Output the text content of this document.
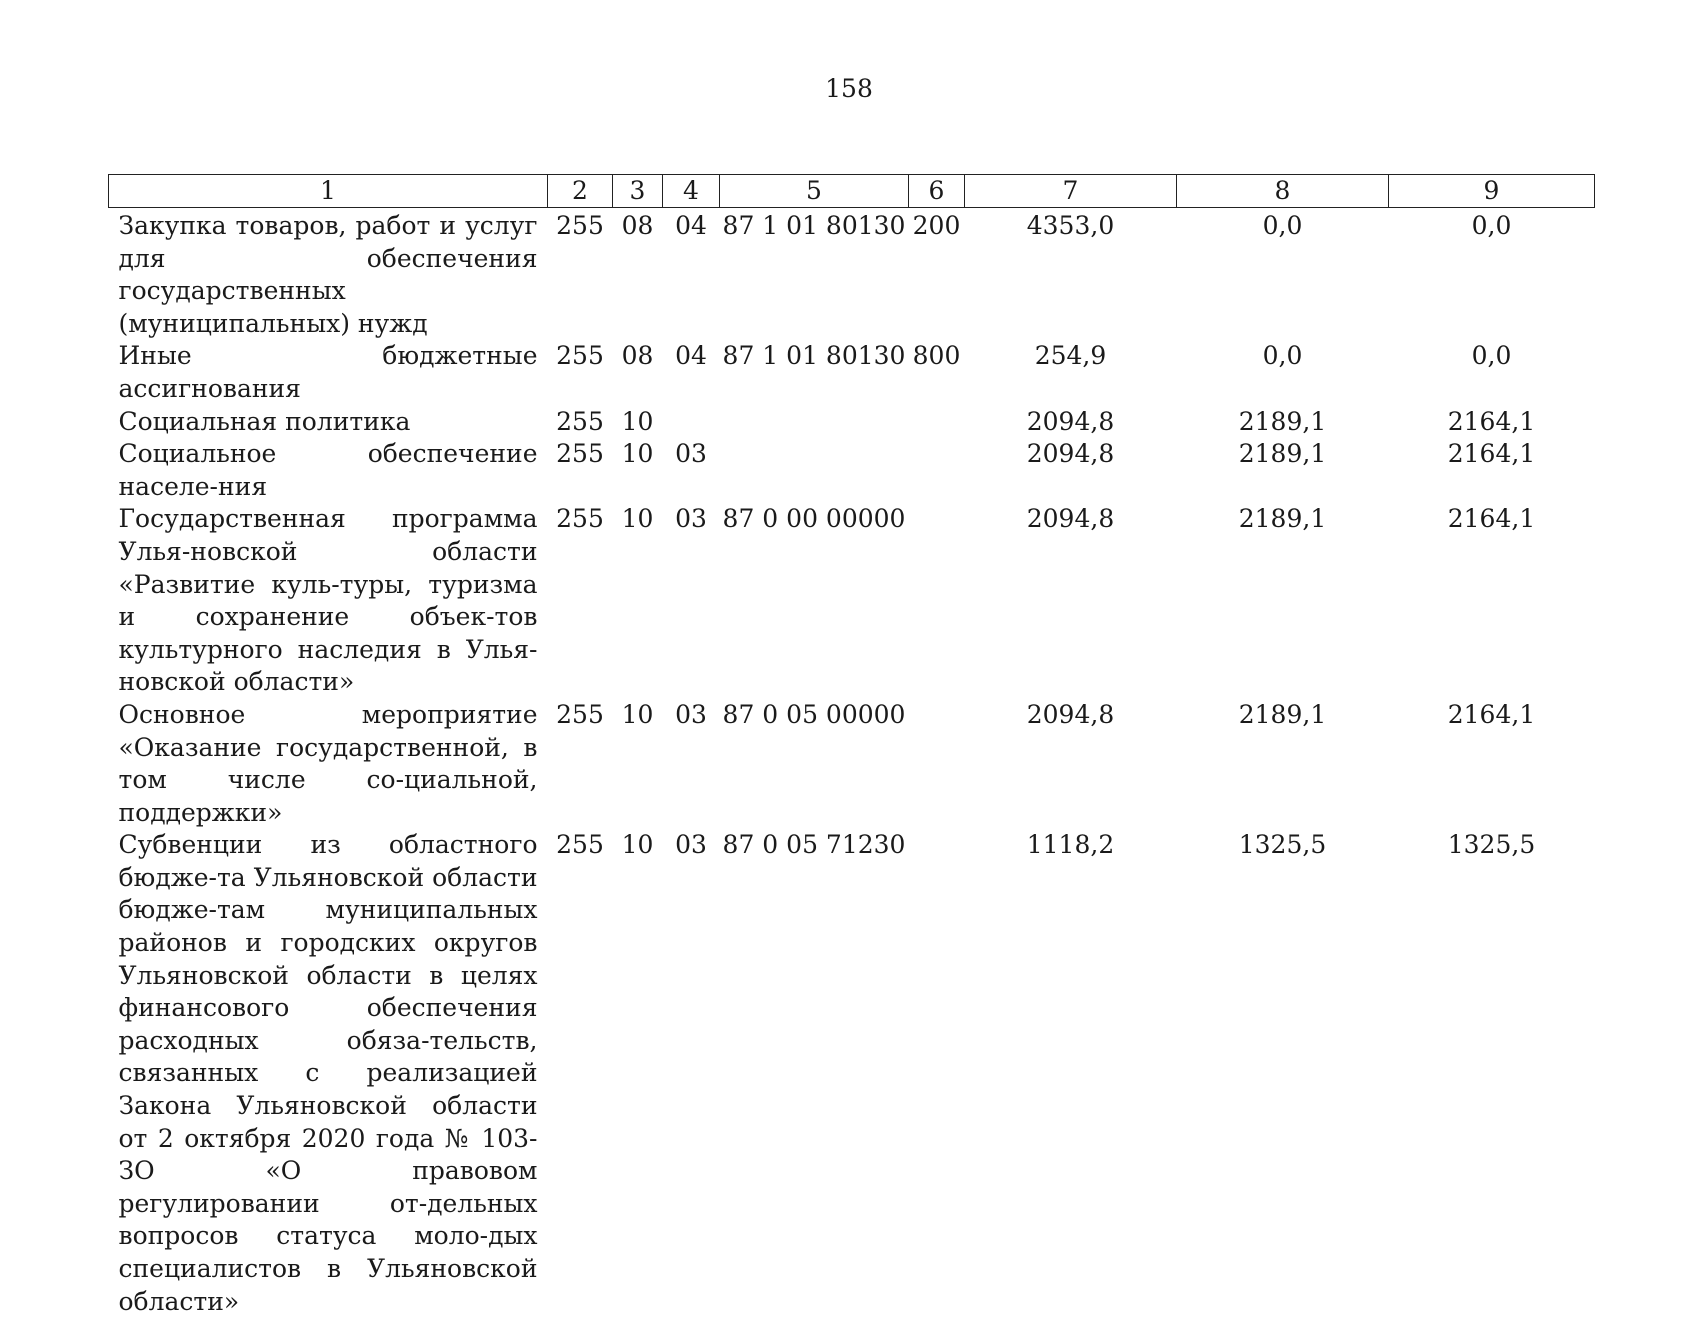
158
1	2	3	4	5	6	7	8	9
Закупка товаров, работ и услуг для обеспечения государственных (муниципальных) нужд	255	08	04	87 1 01 80130	200	4353,0	0,0	0,0
Иные бюджетные ассигнования	255	08	04	87 1 01 80130	800	254,9	0,0	0,0
Социальная политика	255	10				2094,8	2189,1	2164,1
Социальное обеспечение населе-ния	255	10	03			2094,8	2189,1	2164,1
Государственная программа Улья-новской области «Развитие куль-туры, туризма и сохранение объек-тов культурного наследия в Улья-новской области»	255	10	03	87 0 00 00000		2094,8	2189,1	2164,1
Основное мероприятие «Оказание государственной, в том числе со-циальной, поддержки»	255	10	03	87 0 05 00000		2094,8	2189,1	2164,1
Субвенции из областного бюдже-та Ульяновской области бюдже-там муниципальных районов и городских округов Ульяновской области в целях финансового обеспечения расходных обяза-тельств, связанных с реализацией Закона Ульяновской области от 2 октября 2020 года № 103-ЗО «О правовом регулировании от-дельных вопросов статуса моло-дых специалистов в Ульяновской области»	255	10	03	87 0 05 71230		1118,2	1325,5	1325,5
